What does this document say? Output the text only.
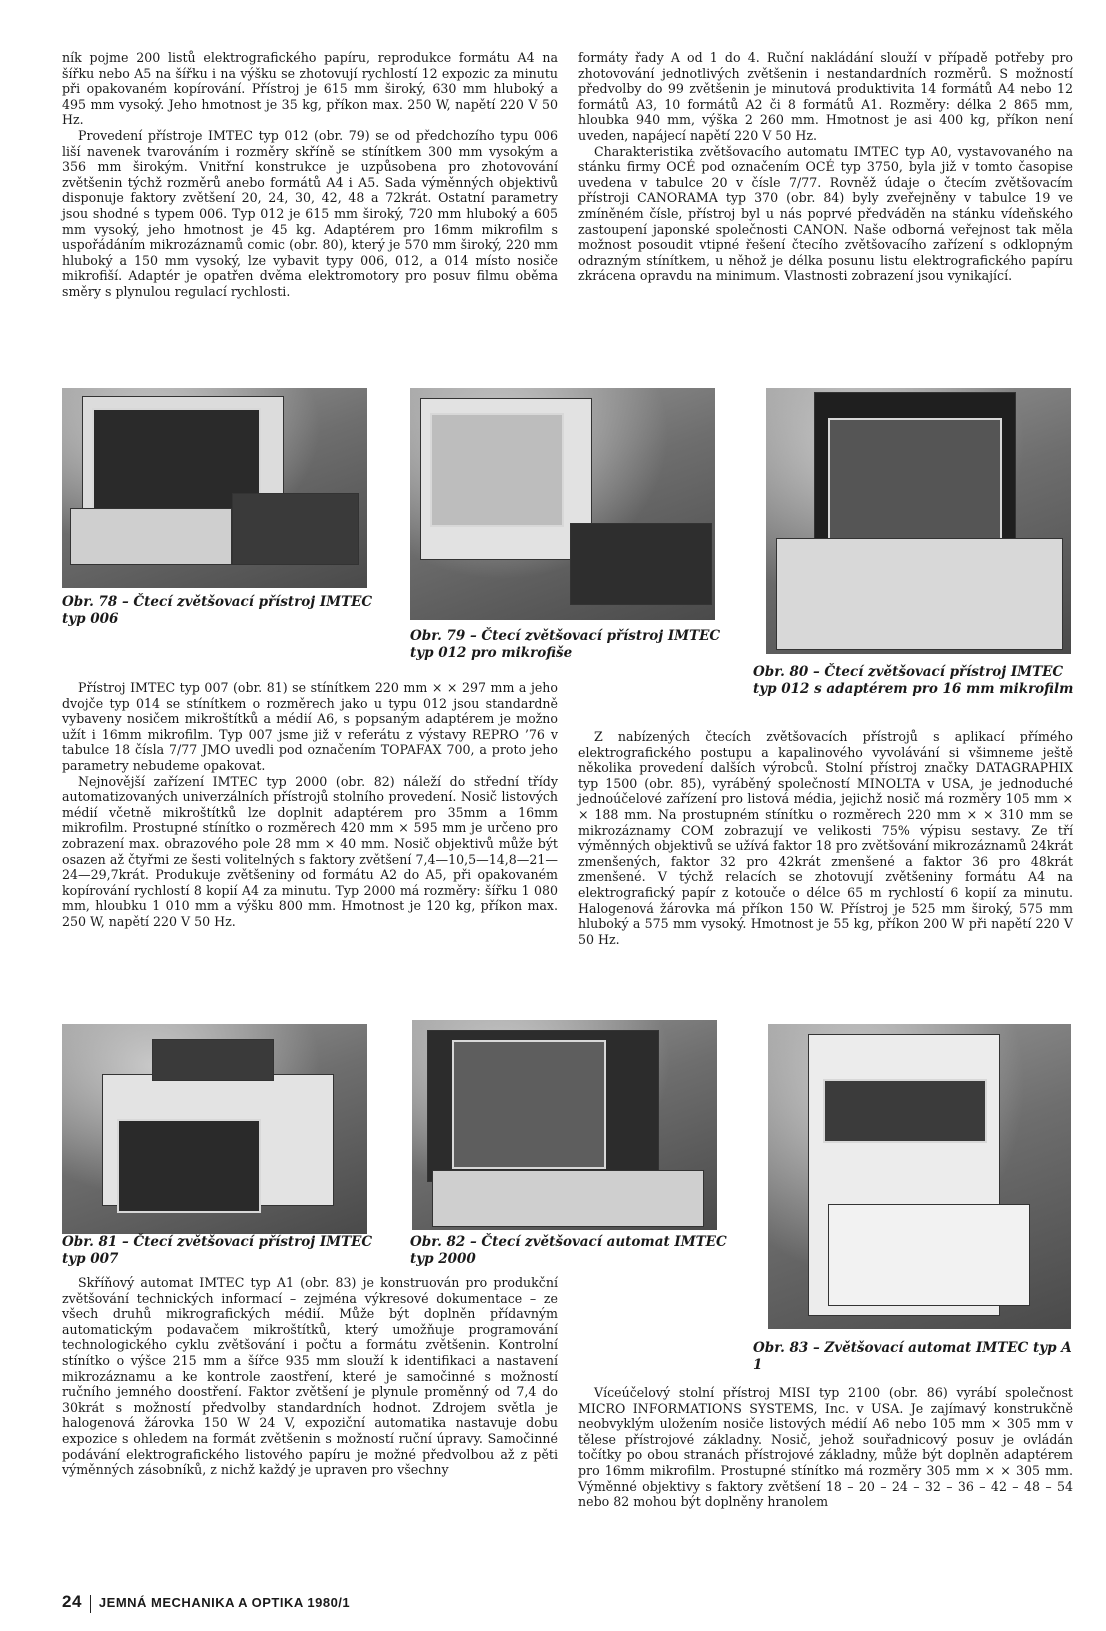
ník pojme 200 listů elektrografického papíru, reprodukce formátu A4 na šířku nebo A5 na šířku i na výšku se zhotovují rychlostí 12 expozic za minutu při opakovaném kopírování. Přístroj je 615 mm široký, 630 mm hluboký a 495 mm vysoký. Jeho hmotnost je 35 kg, příkon max. 250 W, napětí 220 V 50 Hz.

Provedení přístroje IMTEC typ 012 (obr. 79) se od předchozího typu 006 liší navenek tvarováním i rozměry skříně se stínítkem 300 mm vysokým a 356 mm širokým. Vnitřní konstrukce je uzpůsobena pro zhotovování zvětšenin týchž rozměrů anebo formátů A4 i A5. Sada výměnných objektivů disponuje faktory zvětšení 20, 24, 30, 42, 48 a 72krát. Ostatní parametry jsou shodné s typem 006. Typ 012 je 615 mm široký, 720 mm hluboký a 605 mm vysoký, jeho hmotnost je 45 kg. Adaptérem pro 16mm mikrofilm s uspořádáním mikrozáznamů comic (obr. 80), který je 570 mm široký, 220 mm hluboký a 150 mm vysoký, lze vybavit typy 006, 012, a 014 místo nosiče mikrofiší. Adaptér je opatřen dvěma elektromotory pro posuv filmu oběma směry s plynulou regulací rychlosti.

formáty řady A od 1 do 4. Ruční nakládání slouží v případě potřeby pro zhotovování jednotlivých zvětšenin i nestandardních rozměrů. S možností předvolby do 99 zvětšenin je minutová produktivita 14 formátů A4 nebo 12 formátů A3, 10 formátů A2 či 8 formátů A1. Rozměry: délka 2 865 mm, hloubka 940 mm, výška 2 260 mm. Hmotnost je asi 400 kg, příkon není uveden, napájecí napětí 220 V 50 Hz.

Charakteristika zvětšovacího automatu IMTEC typ A0, vystavovaného na stánku firmy OCÉ pod označením OCÉ typ 3750, byla již v tomto časopise uvedena v tabulce 20 v čísle 7/77. Rovněž údaje o čtecím zvětšovacím přístroji CANORAMA typ 370 (obr. 84) byly zveřejněny v tabulce 19 ve zmíněném čísle, přístroj byl u nás poprvé předváděn na stánku vídeňského zastoupení japonské společnosti CANON. Naše odborná veřejnost tak měla možnost posoudit vtipné řešení čtecího zvětšovacího zařízení s odklopným odrazným stínítkem, u něhož je délka posunu listu elektrografického papíru zkrácena opravdu na minimum. Vlastnosti zobrazení jsou vynikající.

Obr. 78 – Čtecí zvětšovací přístroj IMTEC typ 006
Obr. 79 – Čtecí zvětšovací přístroj IMTEC typ 012 pro mikrofiše
Obr. 80 – Čtecí zvětšovací přístroj IMTEC typ 012 s adaptérem pro 16 mm mikrofilm

Přístroj IMTEC typ 007 (obr. 81) se stínítkem 220 mm × × 297 mm a jeho dvojče typ 014 se stínítkem o rozměrech jako u typu 012 jsou standardně vybaveny nosičem mikroštítků a médií A6, s popsaným adaptérem je možno užít i 16mm mikrofilm. Typ 007 jsme již v referátu z výstavy REPRO ’76 v tabulce 18 čísla 7/77 JMO uvedli pod označením TOPAFAX 700, a proto jeho parametry nebudeme opakovat.

Nejnovější zařízení IMTEC typ 2000 (obr. 82) náleží do střední třídy automatizovaných univerzálních přístrojů stolního provedení. Nosič listových médií včetně mikroštítků lze doplnit adaptérem pro 35mm a 16mm mikrofilm. Prostupné stínítko o rozměrech 420 mm × 595 mm je určeno pro zobrazení max. obrazového pole 28 mm × 40 mm. Nosič objektivů může být osazen až čtyřmi ze šesti volitelných s faktory zvětšení 7,4—10,5—14,8—21—24—29,7krát. Produkuje zvětšeniny od formátu A2 do A5, při opakovaném kopírování rychlostí 8 kopií A4 za minutu. Typ 2000 má rozměry: šířku 1 080 mm, hloubku 1 010 mm a výšku 800 mm. Hmotnost je 120 kg, příkon max. 250 W, napětí 220 V 50 Hz.

Z nabízených čtecích zvětšovacích přístrojů s aplikací přímého elektrografického postupu a kapalinového vyvolávání si všimneme ještě několika provedení dalších výrobců. Stolní přístroj značky DATAGRAPHIX typ 1500 (obr. 85), vyráběný společností MINOLTA v USA, je jednoduché jednoúčelové zařízení pro listová média, jejichž nosič má rozměry 105 mm × × 188 mm. Na prostupném stínítku o rozměrech 220 mm × × 310 mm se mikrozáznamy COM zobrazují ve velikosti 75% výpisu sestavy. Ze tří výměnných objektivů se užívá faktor 18 pro zvětšování mikrozáznamů 24krát zmenšených, faktor 32 pro 42krát zmenšené a faktor 36 pro 48krát zmenšené. V týchž relacích se zhotovují zvětšeniny formátu A4 na elektrografický papír z kotouče o délce 65 m rychlostí 6 kopií za minutu. Halogenová žárovka má příkon 150 W. Přístroj je 525 mm široký, 575 mm hluboký a 575 mm vysoký. Hmotnost je 55 kg, příkon 200 W při napětí 220 V 50 Hz.

Obr. 81 – Čtecí zvětšovací přístroj IMTEC typ 007
Obr. 82 – Čtecí zvětšovací automat IMTEC typ 2000
Obr. 83 – Zvětšovací automat IMTEC typ A 1

Skříňový automat IMTEC typ A1 (obr. 83) je konstruován pro produkční zvětšování technických informací – zejména výkresové dokumentace – ze všech druhů mikrografických médií. Může být doplněn přídavným automatickým podavačem mikroštítků, který umožňuje programování technologického cyklu zvětšování i počtu a formátu zvětšenin. Kontrolní stínítko o výšce 215 mm a šířce 935 mm slouží k identifikaci a nastavení mikrozáznamu a ke kontrole zaostření, které je samočinné s možností ručního jemného doostření. Faktor zvětšení je plynule proměnný od 7,4 do 30krát s možností předvolby standardních hodnot. Zdrojem světla je halogenová žárovka 150 W 24 V, expoziční automatika nastavuje dobu expozice s ohledem na formát zvětšenin s možností ruční úpravy. Samočinné podávání elektrografického listového papíru je možné předvolbou až z pěti výměnných zásobníků, z nichž každý je upraven pro všechny

Víceúčelový stolní přístroj MISI typ 2100 (obr. 86) vyrábí společnost MICRO INFORMATIONS SYSTEMS, Inc. v USA. Je zajímavý konstrukčně neobvyklým uložením nosiče listových médií A6 nebo 105 mm × 305 mm v tělese přístrojové základny. Nosič, jehož souřadnicový posuv je ovládán točítky po obou stranách přístrojové základny, může být doplněn adaptérem pro 16mm mikrofilm. Prostupné stínítko má rozměry 305 mm × × 305 mm. Výměnné objektivy s faktory zvětšení 18 – 20 – 24 – 32 – 36 – 42 – 48 – 54 nebo 82 mohou být doplněny hranolem

24 JEMNÁ MECHANIKA A OPTIKA 1980/1
